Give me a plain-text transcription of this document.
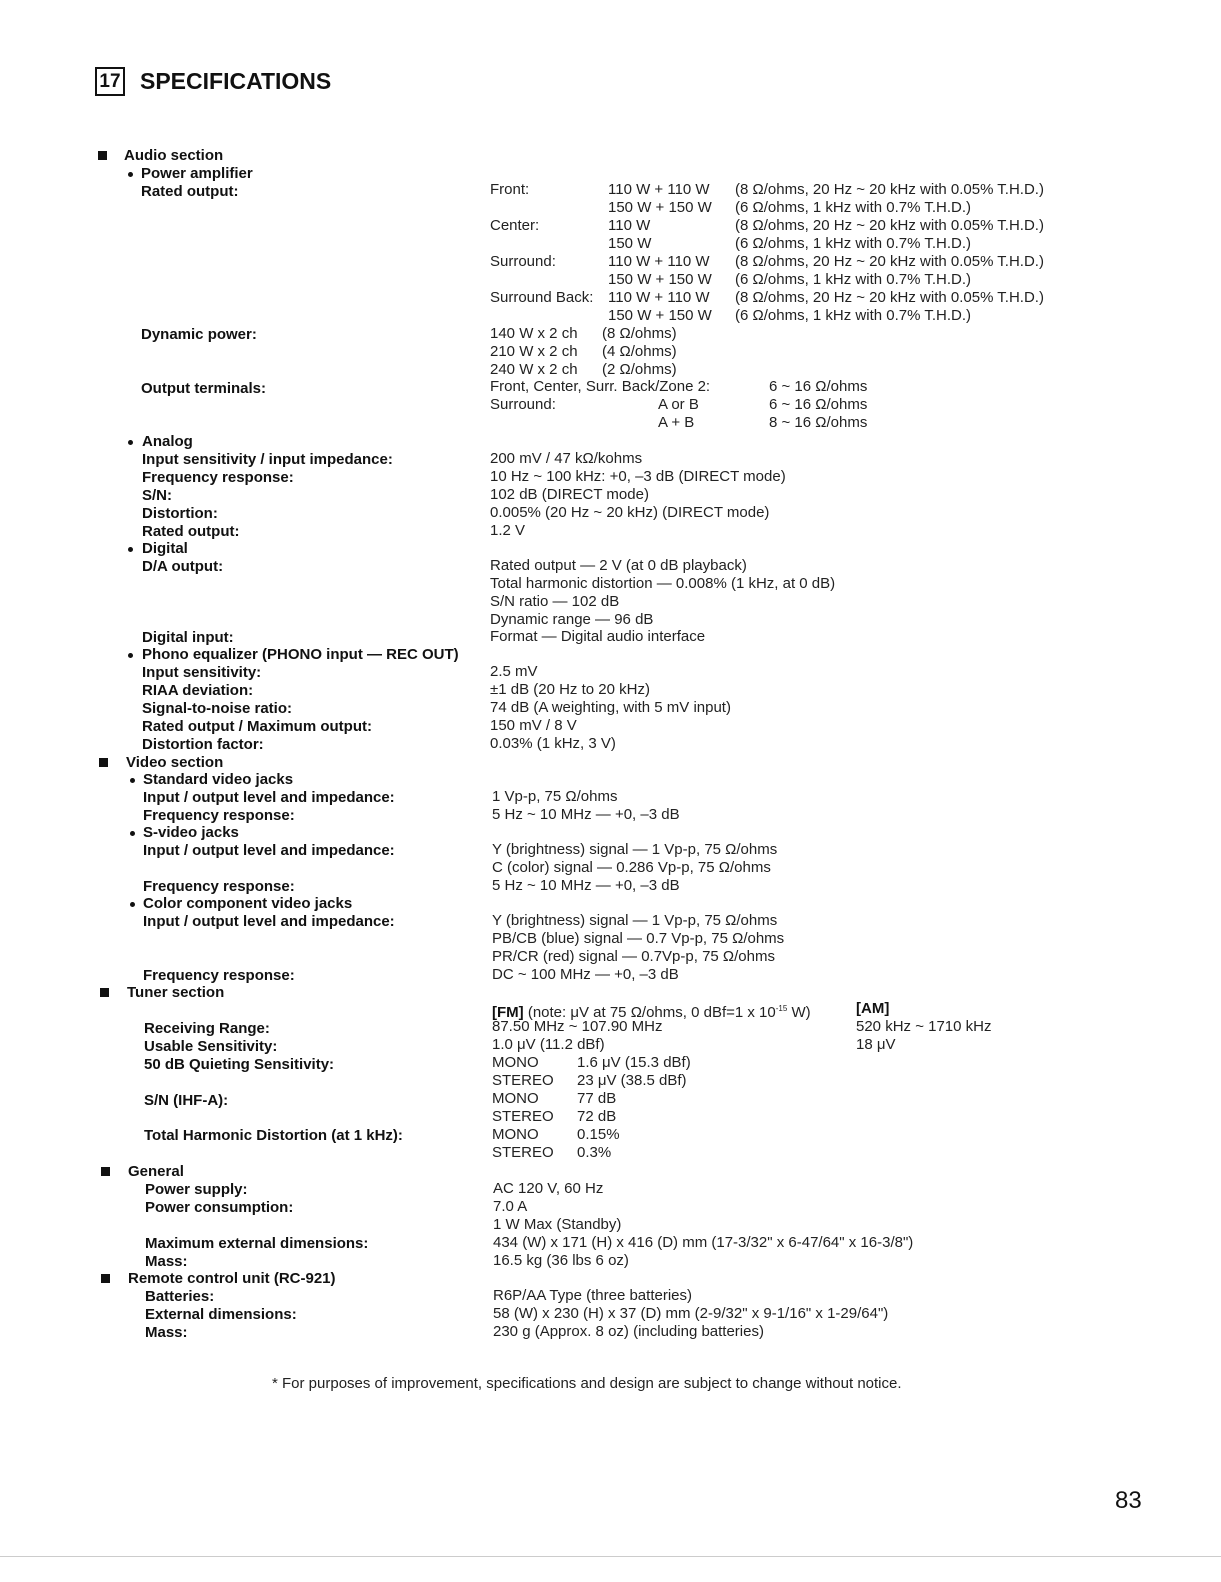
17 SPECIFICATIONS
Audio section
Power amplifier
Rated output:	Front:	110 W + 110 W (8 Ω/ohms, 20 Hz ~ 20 kHz with 0.05% T.H.D.)
150 W + 150 W (6 Ω/ohms, 1 kHz with 0.7% T.H.D.)
Center:	110 W	(8 Ω/ohms, 20 Hz ~ 20 kHz with 0.05% T.H.D.)
150 W	(6 Ω/ohms, 1 kHz with 0.7% T.H.D.)
Surround:	110 W + 110 W (8 Ω/ohms, 20 Hz ~ 20 kHz with 0.05% T.H.D.)
150 W + 150 W (6 Ω/ohms, 1 kHz with 0.7% T.H.D.)
Surround Back: 110 W + 110 W (8 Ω/ohms, 20 Hz ~ 20 kHz with 0.05% T.H.D.)
150 W + 150 W (6 Ω/ohms, 1 kHz with 0.7% T.H.D.)
Dynamic power:	140 W x 2 ch (8 Ω/ohms)
210 W x 2 ch (4 Ω/ohms)
240 W x 2 ch (2 Ω/ohms)
Output terminals:	Front, Center, Surr. Back/Zone 2:	6 ~ 16 Ω/ohms
Surround:	A or B	6 ~ 16 Ω/ohms
A + B	8 ~ 16 Ω/ohms
Analog
Input sensitivity / input impedance:	200 mV / 47 kΩ/kohms
Frequency response:	10 Hz ~ 100 kHz: +0, –3 dB (DIRECT mode)
S/N:	102 dB (DIRECT mode)
Distortion:	0.005% (20 Hz ~ 20 kHz) (DIRECT mode)
Rated output:	1.2 V
Digital
D/A output:	Rated output — 2 V (at 0 dB playback)
Total harmonic distortion — 0.008% (1 kHz, at 0 dB)
S/N ratio — 102 dB
Dynamic range — 96 dB
Digital input:	Format — Digital audio interface
Phono equalizer (PHONO input — REC OUT)
Input sensitivity:	2.5 mV
RIAA deviation:	±1 dB (20 Hz to 20 kHz)
Signal-to-noise ratio:	74 dB (A weighting, with 5 mV input)
Rated output / Maximum output:	150 mV / 8 V
Distortion factor:	0.03% (1 kHz, 3 V)
Video section
Standard video jacks
Input / output level and impedance:	1 Vp-p, 75 Ω/ohms
Frequency response:	5 Hz ~ 10 MHz — +0, –3 dB
S-video jacks
Input / output level and impedance:	Y (brightness) signal — 1 Vp-p, 75 Ω/ohms
C (color) signal — 0.286 Vp-p, 75 Ω/ohms
Frequency response:	5 Hz ~ 10 MHz — +0, –3 dB
Color component video jacks
Input / output level and impedance:	Y (brightness) signal — 1 Vp-p, 75 Ω/ohms
PB/CB (blue) signal — 0.7 Vp-p, 75 Ω/ohms
PR/CR (red) signal — 0.7Vp-p, 75 Ω/ohms
Frequency response:	DC ~ 100 MHz — +0, –3 dB
Tuner section
[FM] (note: μV at 75 Ω/ohms, 0 dBf=1 x $10^{-15}$ W)	[AM]
Receiving Range:	87.50 MHz ~ 107.90 MHz	520 kHz ~ 1710 kHz
Usable Sensitivity:	1.0 μV (11.2 dBf)	18 μV
50 dB Quieting Sensitivity:	MONO	1.6 μV (15.3 dBf)
STEREO 23 μV (38.5 dBf)
S/N (IHF-A):	MONO	77 dB
STEREO 72 dB
Total Harmonic Distortion (at 1 kHz):	MONO	0.15%
STEREO 0.3%
General
Power supply:	AC 120 V, 60 Hz
Power consumption:	7.0 A
1 W Max (Standby)
Maximum external dimensions:	434 (W) x 171 (H) x 416 (D) mm (17-3/32" x 6-47/64" x 16-3/8")
Mass:	16.5 kg (36 lbs 6 oz)
Remote control unit (RC-921)
Batteries:	R6P/AA Type (three batteries)
External dimensions:	58 (W) x 230 (H) x 37 (D) mm (2-9/32" x 9-1/16" x 1-29/64")
Mass:	230 g (Approx. 8 oz) (including batteries)
* For purposes of improvement, specifications and design are subject to change without notice.
83
